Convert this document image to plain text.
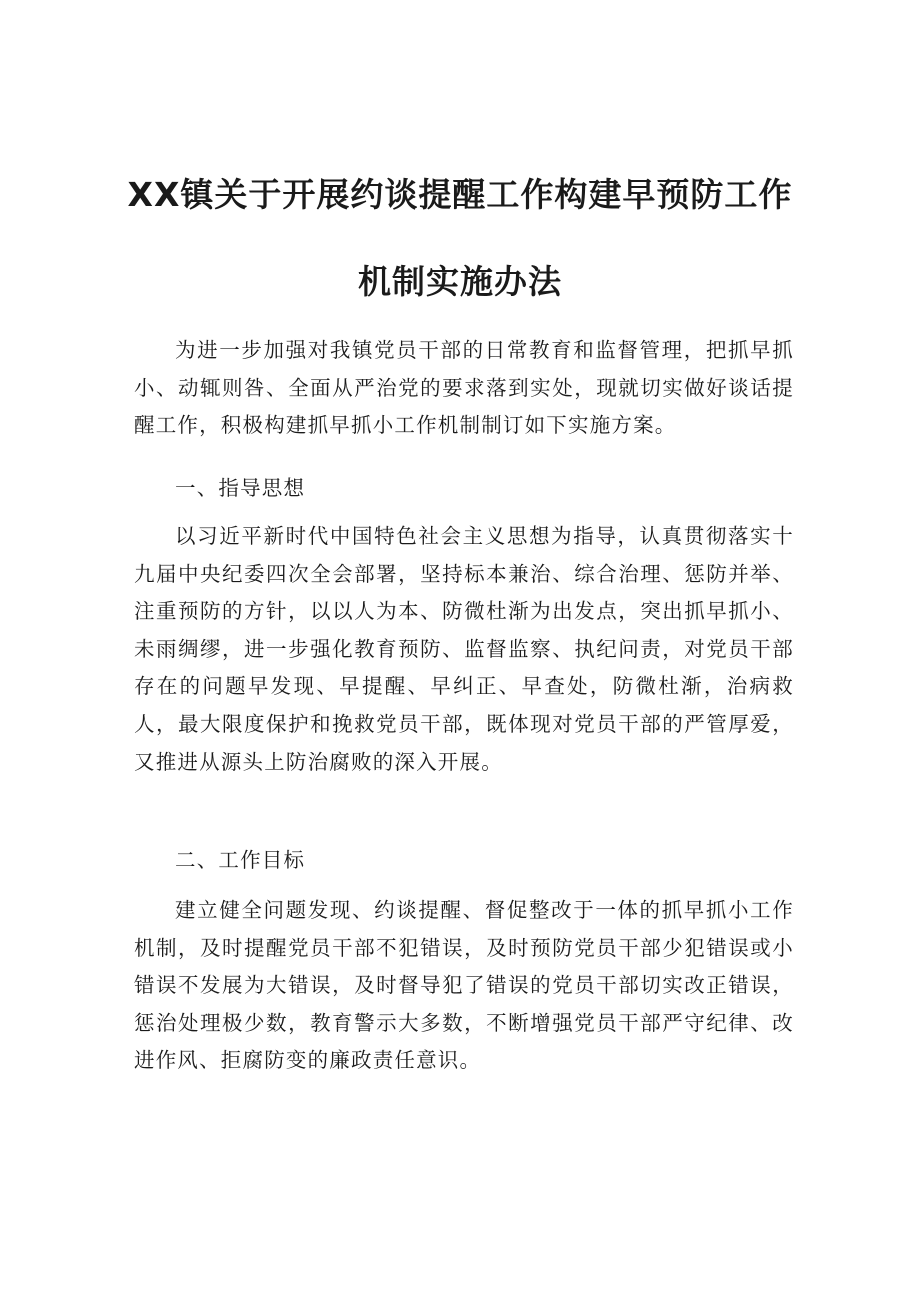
XX镇关于开展约谈提醒工作构建早预防工作
机制实施办法

为进一步加强对我镇党员干部的日常教育和监督管理，把抓早抓小、动辄则咎、全面从严治党的要求落到实处，现就切实做好谈话提醒工作，积极构建抓早抓小工作机制制订如下实施方案。

一、指导思想

以习近平新时代中国特色社会主义思想为指导，认真贯彻落实十九届中央纪委四次全会部署，坚持标本兼治、综合治理、惩防并举、注重预防的方针，以以人为本、防微杜渐为出发点，突出抓早抓小、未雨绸缪，进一步强化教育预防、监督监察、执纪问责，对党员干部存在的问题早发现、早提醒、早纠正、早查处，防微杜渐，治病救人，最大限度保护和挽救党员干部，既体现对党员干部的严管厚爱，又推进从源头上防治腐败的深入开展。

二、工作目标

建立健全问题发现、约谈提醒、督促整改于一体的抓早抓小工作机制，及时提醒党员干部不犯错误，及时预防党员干部少犯错误或小错误不发展为大错误，及时督导犯了错误的党员干部切实改正错误，惩治处理极少数，教育警示大多数，不断增强党员干部严守纪律、改进作风、拒腐防变的廉政责任意识。
